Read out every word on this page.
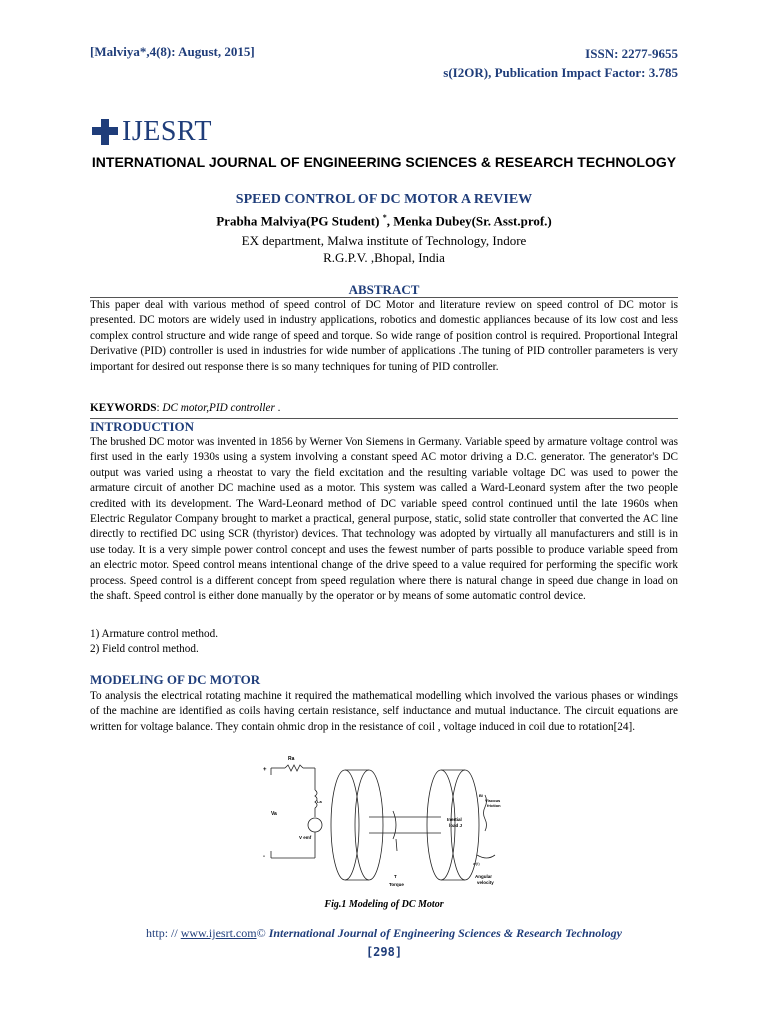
[Malviya*,4(8): August, 2015]	ISSN: 2277-9655
s(I2OR), Publication Impact Factor: 3.785
IJESRT
INTERNATIONAL JOURNAL OF ENGINEERING SCIENCES & RESEARCH TECHNOLOGY
SPEED CONTROL OF DC MOTOR A REVIEW
Prabha Malviya(PG Student) *, Menka Dubey(Sr. Asst.prof.)
EX department, Malwa institute of Technology, Indore
R.G.P.V. ,Bhopal, India
ABSTRACT
This paper deal with various method of speed control of DC Motor and literature review on speed control of DC motor is presented. DC motors are widely used in industry applications, robotics and domestic appliances because of its low cost and less complex control structure and wide range of speed and torque. So wide range of position control is required. Proportional Integral Derivative (PID) controller is used in industries for wide number of applications .The tuning of PID controller parameters is very important for desired out response there is so many techniques for tuning of PID controller.
KEYWORDS: DC motor,PID controller .
INTRODUCTION
The brushed DC motor was invented in 1856 by Werner Von Siemens in Germany. Variable speed by armature voltage control was first used in the early 1930s using a system involving a constant speed AC motor driving a D.C. generator. The generator's DC output was varied using a rheostat to vary the field excitation and the resulting variable voltage DC was used to power the armature circuit of another DC machine used as a motor. This system was called a Ward-Leonard system after the two people credited with its development. The Ward-Leonard method of DC variable speed control continued until the late 1960s when Electric Regulator Company brought to market a practical, general purpose, static, solid state controller that converted the AC line directly to rectified DC using SCR (thyristor) devices. That technology was adopted by virtually all manufacturers and still is in use today. It is a very simple power control concept and uses the fewest number of parts possible to produce variable speed from an electric motor. Speed control means intentional change of the drive speed to a value required for performing the specific work process. Speed control is a different concept from speed regulation where there is natural change in speed due change in load on the shaft. Speed control is either done manually by the operator or by means of some automatic control device.
1) Armature control method.
2) Field control method.
MODELING OF DC MOTOR
To analysis the electrical rotating machine it required the mathematical modelling which involved the various phases or windings of the machine are identified as coils having certain resistance, self inductance and mutual inductance. The circuit equations are written for voltage balance. They contain ohmic drop in the resistance of coil , voltage induced in coil due to rotation[24].
Ra
+
La
Va
V emf
-
Inertial
load J
B/
Viscous
friction
w(t)
T
Torque
Angular
velocity
Fig.1 Modeling of DC Motor
http: // www.ijesrt.com© International Journal of Engineering Sciences & Research Technology
[298]
